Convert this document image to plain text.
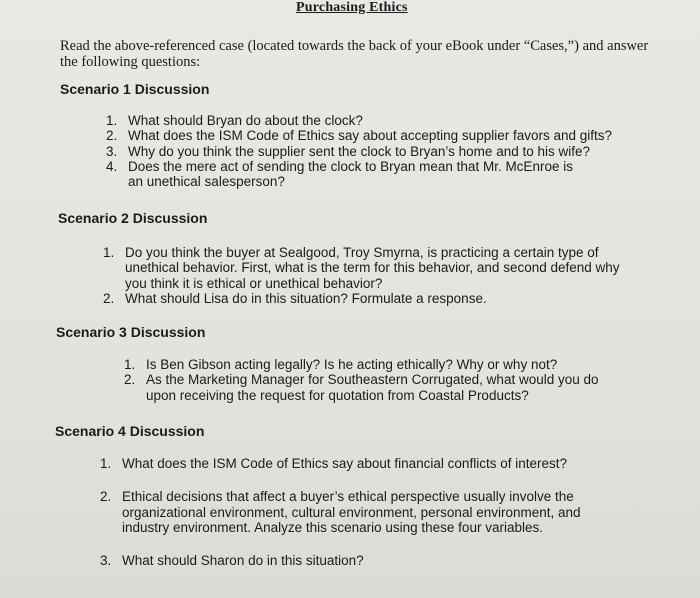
Purchasing Ethics
Read the above-referenced case (located towards the back of your eBook under “Cases,”) and answer the following questions:
Scenario 1 Discussion
1. What should Bryan do about the clock?
2. What does the ISM Code of Ethics say about accepting supplier favors and gifts?
3. Why do you think the supplier sent the clock to Bryan’s home and to his wife?
4. Does the mere act of sending the clock to Bryan mean that Mr. McEnroe is an unethical salesperson?
Scenario 2 Discussion
1. Do you think the buyer at Sealgood, Troy Smyrna, is practicing a certain type of unethical behavior. First, what is the term for this behavior, and second defend why you think it is ethical or unethical behavior?
2. What should Lisa do in this situation? Formulate a response.
Scenario 3 Discussion
1. Is Ben Gibson acting legally? Is he acting ethically? Why or why not?
2. As the Marketing Manager for Southeastern Corrugated, what would you do upon receiving the request for quotation from Coastal Products?
Scenario 4 Discussion
1. What does the ISM Code of Ethics say about financial conflicts of interest?
2. Ethical decisions that affect a buyer’s ethical perspective usually involve the organizational environment, cultural environment, personal environment, and industry environment. Analyze this scenario using these four variables.
3. What should Sharon do in this situation?
